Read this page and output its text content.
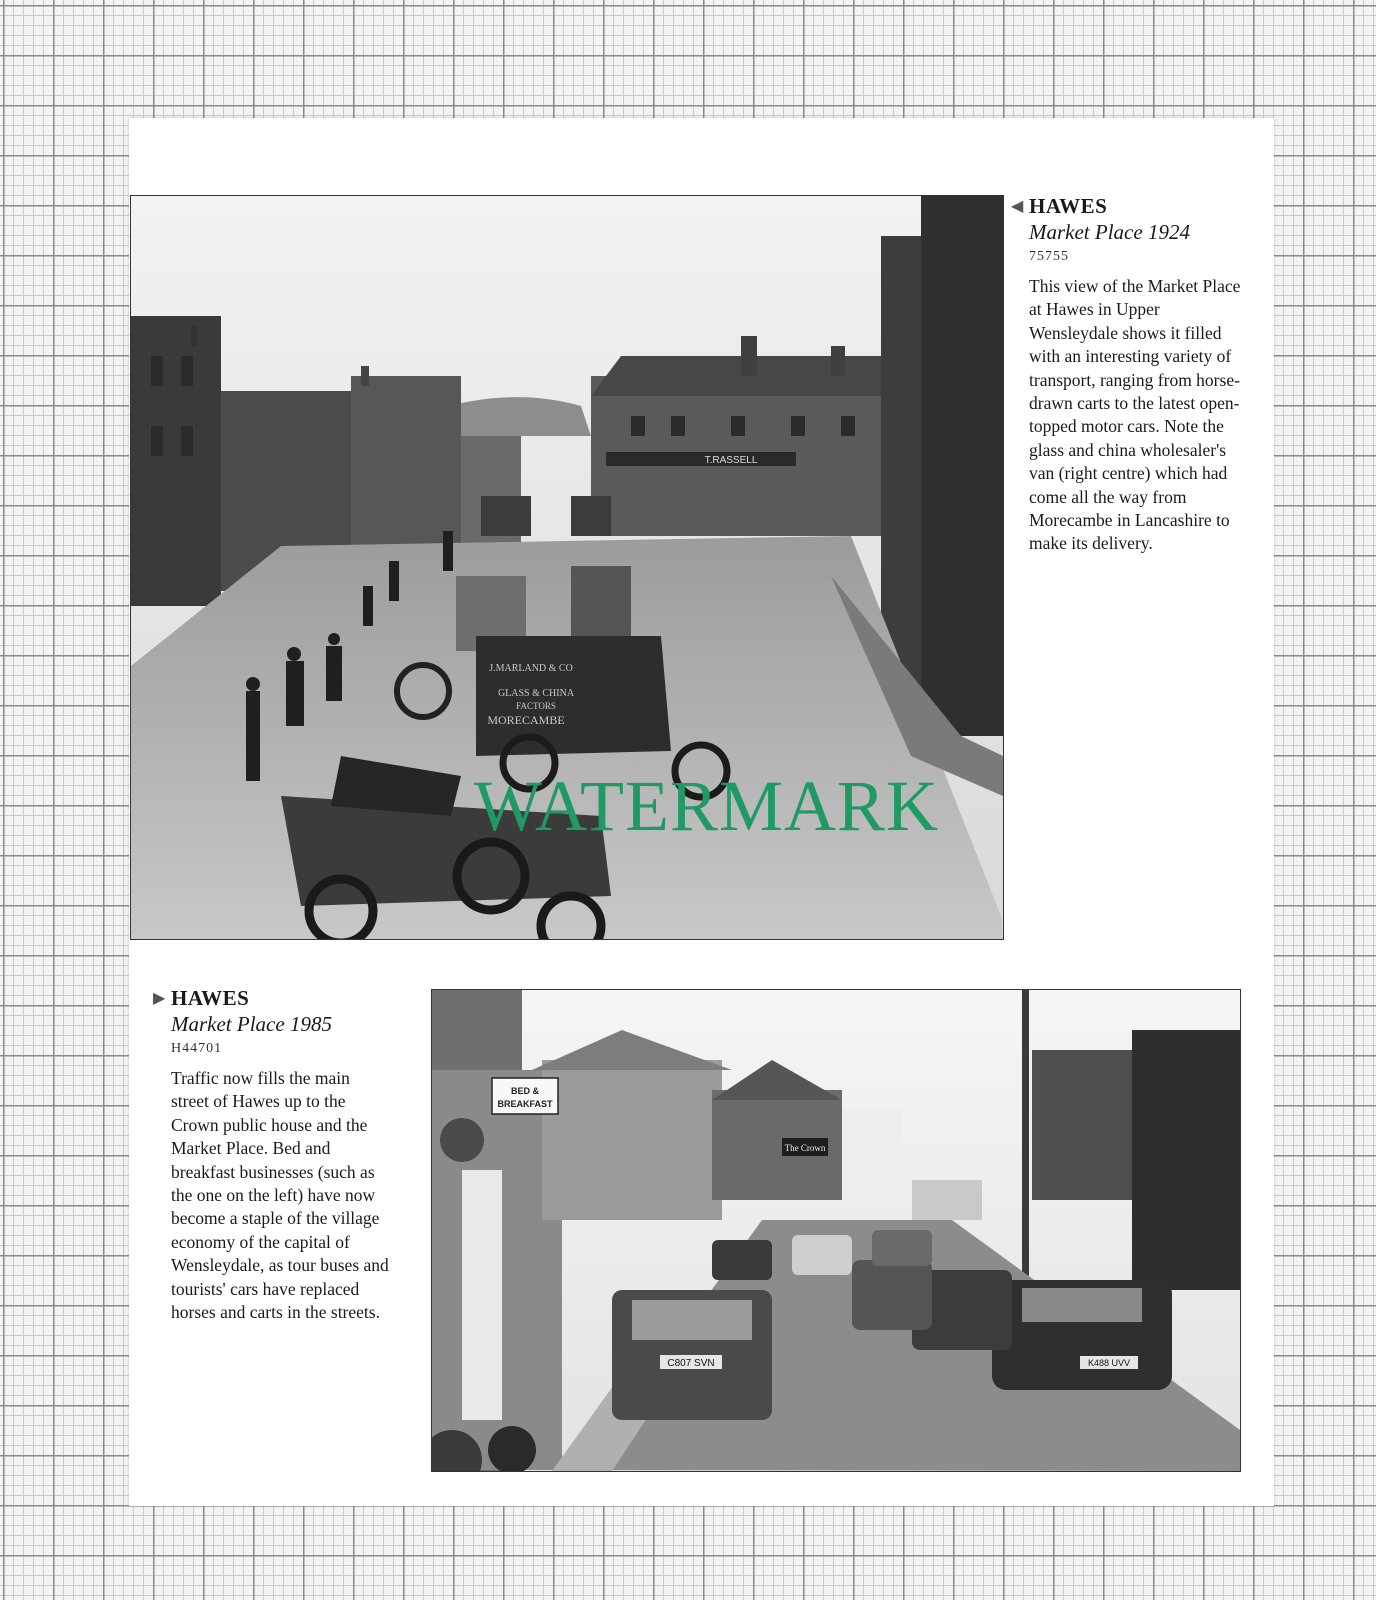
T.RASSELL
J.MARLAND & CO
GLASS & CHINA
FACTORS
MORECAMBE
◀ HAWES
Market Place 1924
75755
This view of the Market Place at Hawes in Upper Wensleydale shows it filled with an interesting variety of transport, ranging from horse-drawn carts to the latest open-topped motor cars. Note the glass and china wholesaler's van (right centre) which had come all the way from Morecambe in Lancashire to make its delivery.
▶ HAWES
Market Place 1985
H44701
Traffic now fills the main street of Hawes up to the Crown public house and the Market Place. Bed and breakfast businesses (such as the one on the left) have now become a staple of the village economy of the capital of Wensleydale, as tour buses and tourists' cars have replaced horses and carts in the streets.
BED &
BREAKFAST
The Crown
C807 SVN	K488 UVV
WATERMARK
